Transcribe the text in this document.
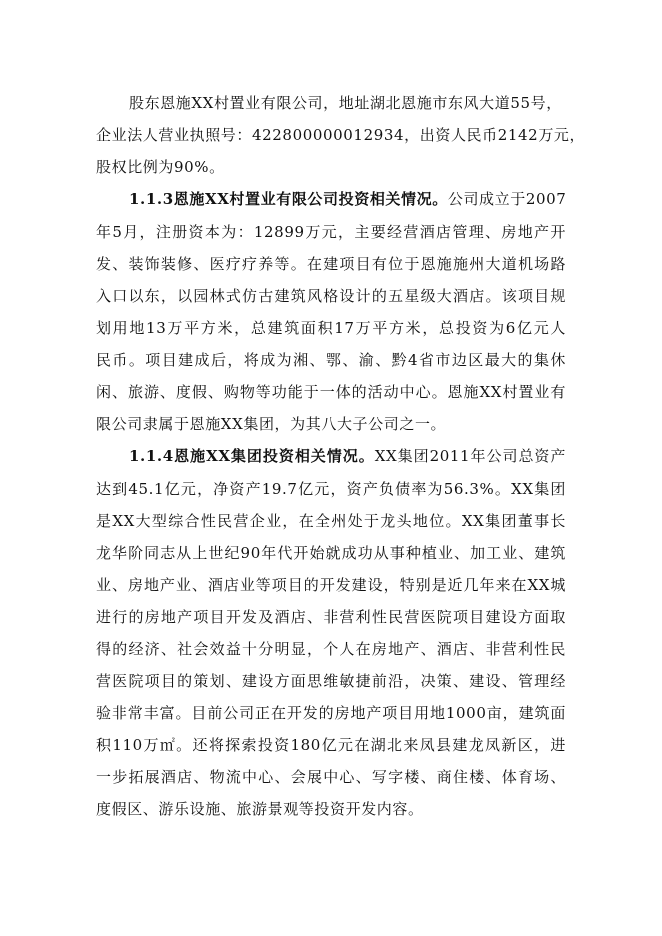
股东恩施XX村置业有限公司，地址湖北恩施市东风大道55号，
企业法人营业执照号：422800000012934，出资人民币2142万元，
股权比例为90%。
1.1.3恩施XX村置业有限公司投资相关情况。公司成立于2007
年5月，注册资本为：12899万元，主要经营酒店管理、房地产开
发、装饰装修、医疗疗养等。在建项目有位于恩施施州大道机场路
入口以东，以园林式仿古建筑风格设计的五星级大酒店。该项目规
划用地13万平方米，总建筑面积17万平方米，总投资为6亿元人
民币。项目建成后，将成为湘、鄂、渝、黔4省市边区最大的集休
闲、旅游、度假、购物等功能于一体的活动中心。恩施XX村置业有
限公司隶属于恩施XX集团，为其八大子公司之一。
1.1.4恩施XX集团投资相关情况。XX集团2011年公司总资产
达到45.1亿元，净资产19.7亿元，资产负债率为56.3%。XX集团
是XX大型综合性民营企业，在全州处于龙头地位。XX集团董事长
龙华阶同志从上世纪90年代开始就成功从事种植业、加工业、建筑
业、房地产业、酒店业等项目的开发建设，特别是近几年来在XX城
进行的房地产项目开发及酒店、非营利性民营医院项目建设方面取
得的经济、社会效益十分明显，个人在房地产、酒店、非营利性民
营医院项目的策划、建设方面思维敏捷前沿，决策、建设、管理经
验非常丰富。目前公司正在开发的房地产项目用地1000亩，建筑面
积110万㎡。还将探索投资180亿元在湖北来凤县建龙凤新区，进
一步拓展酒店、物流中心、会展中心、写字楼、商住楼、体育场、
度假区、游乐设施、旅游景观等投资开发内容。
